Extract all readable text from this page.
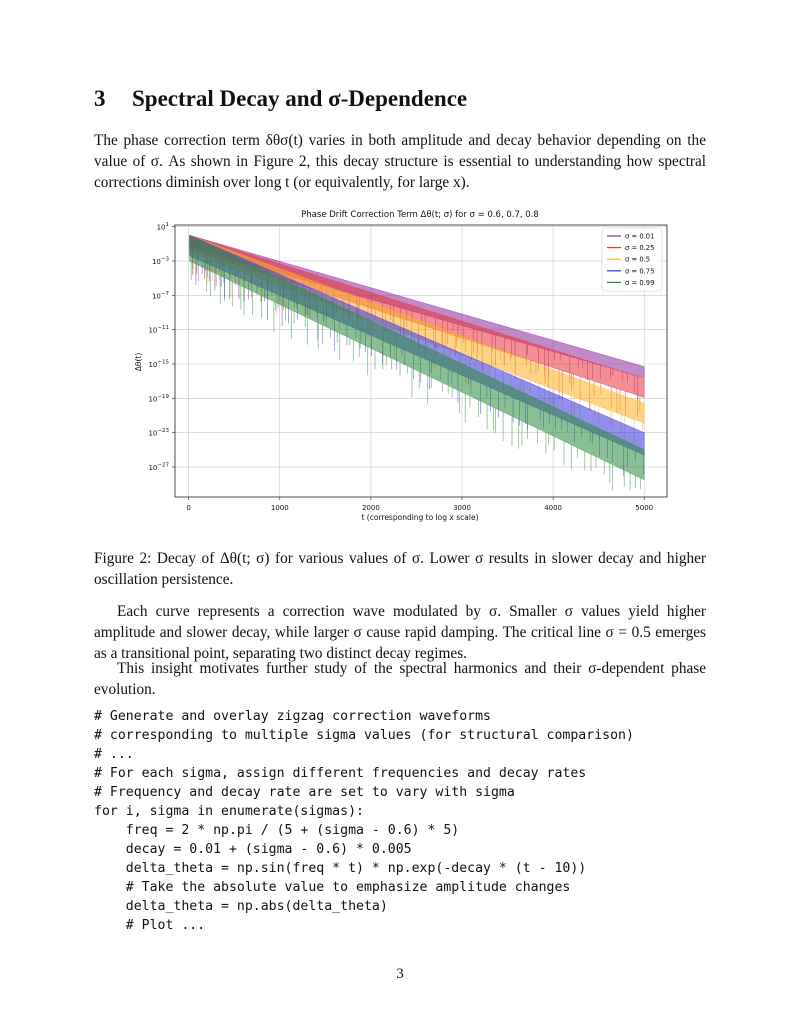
3 Spectral Decay and σ-Dependence

The phase correction term δθσ(t) varies in both amplitude and decay behavior depending on the value of σ. As shown in Figure 2, this decay structure is essential to understanding how spectral corrections diminish over long t (or equivalently, for large x).

Phase Drift Correction Term Δθ(t; σ) for σ = 0.6, 0.7, 0.8
0	1000	2000	3000	4000	5000
$10^1$
$10^{-3}$
$10^{-7}$
$10^{-11}$
$10^{-15}$
$10^{-19}$
$10^{-23}$
$10^{-27}$
t (corresponding to log x scale)
Δθ(t)
σ = 0.01
σ = 0.25
σ = 0.5
σ = 0.75
σ = 0.99

Figure 2: Decay of Δθ(t; σ) for various values of σ. Lower σ results in slower decay and higher oscillation persistence.

Each curve represents a correction wave modulated by σ. Smaller σ values yield higher amplitude and slower decay, while larger σ cause rapid damping. The critical line σ = 0.5 emerges as a transitional point, separating two distinct decay regimes.

This insight motivates further study of the spectral harmonics and their σ-dependent phase evolution.

# Generate and overlay zigzag correction waveforms
# corresponding to multiple sigma values (for structural comparison)
# ...
# For each sigma, assign different frequencies and decay rates
# Frequency and decay rate are set to vary with sigma
for i, sigma in enumerate(sigmas):
freq = 2 * np.pi / (5 + (sigma - 0.6) * 5)
decay = 0.01 + (sigma - 0.6) * 0.005
delta_theta = np.sin(freq * t) * np.exp(-decay * (t - 10))
# Take the absolute value to emphasize amplitude changes
delta_theta = np.abs(delta_theta)
# Plot ...
3
